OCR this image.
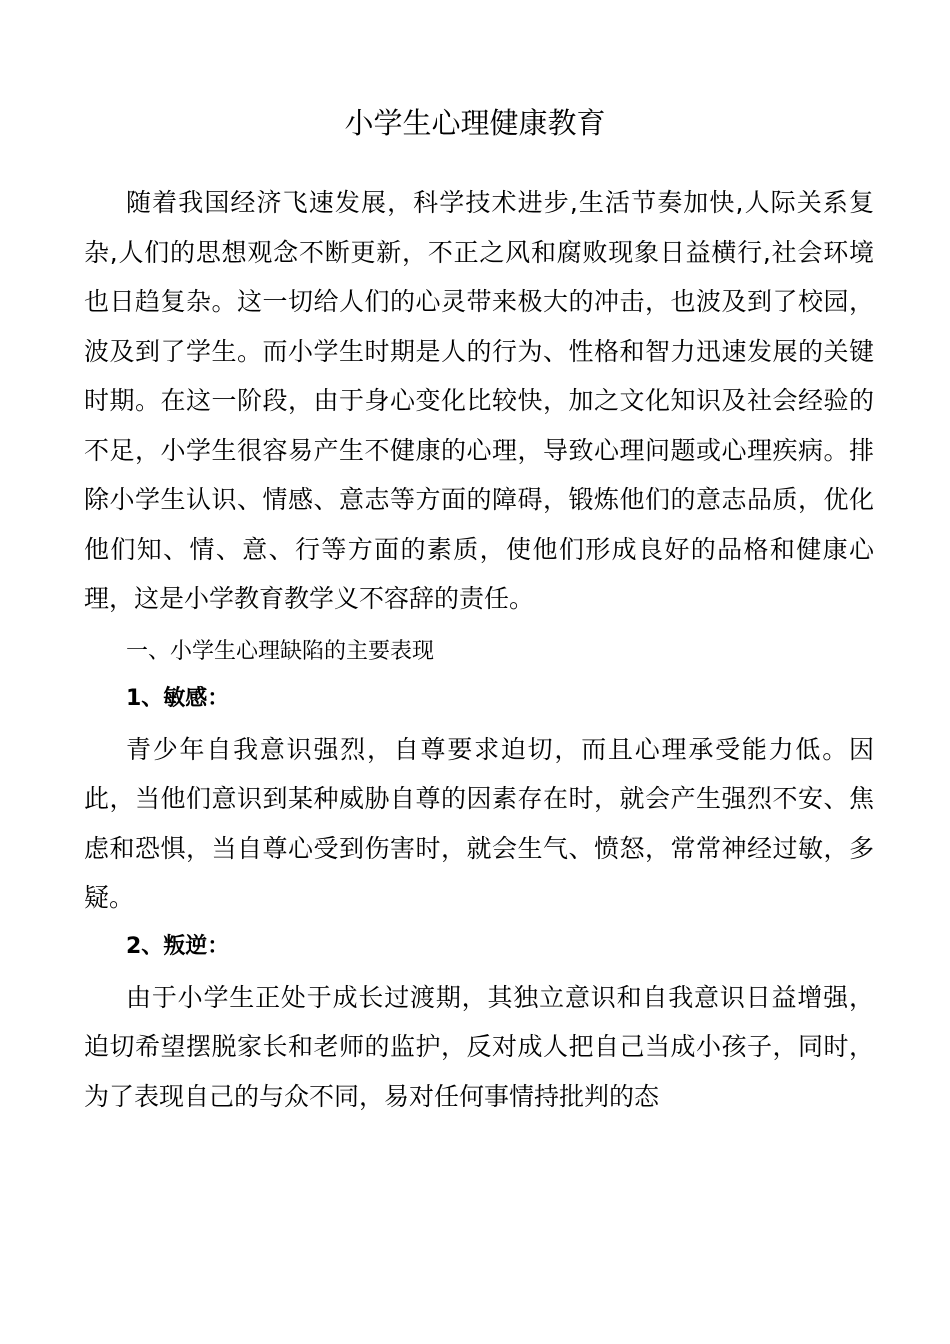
小学生心理健康教育

随着我国经济飞速发展，科学技术进步,生活节奏加快,人际关系复杂,人们的思想观念不断更新，不正之风和腐败现象日益横行,社会环境也日趋复杂。这一切给人们的心灵带来极大的冲击，也波及到了校园，波及到了学生。而小学生时期是人的行为、性格和智力迅速发展的关键时期。在这一阶段，由于身心变化比较快，加之文化知识及社会经验的不足，小学生很容易产生不健康的心理，导致心理问题或心理疾病。排除小学生认识、情感、意志等方面的障碍，锻炼他们的意志品质，优化他们知、情、意、行等方面的素质，使他们形成良好的品格和健康心理，这是小学教育教学义不容辞的责任。

一、小学生心理缺陷的主要表现

1、敏感：

青少年自我意识强烈，自尊要求迫切，而且心理承受能力低。因此，当他们意识到某种威胁自尊的因素存在时，就会产生强烈不安、焦虑和恐惧，当自尊心受到伤害时，就会生气、愤怒，常常神经过敏，多疑。

2、叛逆：

由于小学生正处于成长过渡期，其独立意识和自我意识日益增强，迫切希望摆脱家长和老师的监护，反对成人把自己当成小孩子，同时，为了表现自己的与众不同，易对任何事情持批判的态
